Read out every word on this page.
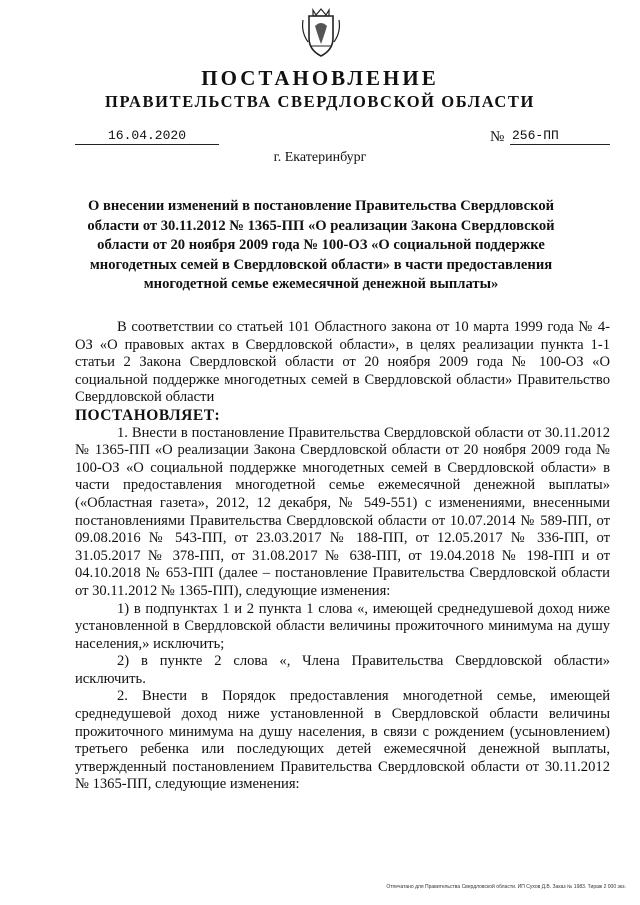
ПОСТАНОВЛЕНИЕ
ПРАВИТЕЛЬСТВА СВЕРДЛОВСКОЙ ОБЛАСТИ
16.04.2020	№ 256-ПП
г. Екатеринбург
О внесении изменений в постановление Правительства Свердловской области от 30.11.2012 № 1365-ПП «О реализации Закона Свердловской области от 20 ноября 2009 года № 100-ОЗ «О социальной поддержке многодетных семей в Свердловской области» в части предоставления многодетной семье ежемесячной денежной выплаты»

В соответствии со статьей 101 Областного закона от 10 марта 1999 года № 4-ОЗ «О правовых актах в Свердловской области», в целях реализации пункта 1-1 статьи 2 Закона Свердловской области от 20 ноября 2009 года № 100-ОЗ «О социальной поддержке многодетных семей в Свердловской области» Правительство Свердловской области

ПОСТАНОВЛЯЕТ:

1. Внести в постановление Правительства Свердловской области от 30.11.2012 № 1365-ПП «О реализации Закона Свердловской области от 20 ноября 2009 года № 100-ОЗ «О социальной поддержке многодетных семей в Свердловской области» в части предоставления многодетной семье ежемесячной денежной выплаты» («Областная газета», 2012, 12 декабря, № 549-551) с изменениями, внесенными постановлениями Правительства Свердловской области от 10.07.2014 № 589-ПП, от 09.08.2016 № 543-ПП, от 23.03.2017 № 188-ПП, от 12.05.2017 № 336-ПП, от 31.05.2017 № 378-ПП, от 31.08.2017 № 638-ПП, от 19.04.2018 № 198-ПП и от 04.10.2018 № 653-ПП (далее – постановление Правительства Свердловской области от 30.11.2012 № 1365-ПП), следующие изменения:

1) в подпунктах 1 и 2 пункта 1 слова «, имеющей среднедушевой доход ниже установленной в Свердловской области величины прожиточного минимума на душу населения,» исключить;

2) в пункте 2 слова «, Члена Правительства Свердловской области» исключить.

2. Внести в Порядок предоставления многодетной семье, имеющей среднедушевой доход ниже установленной в Свердловской области величины прожиточного минимума на душу населения, в связи с рождением (усыновлением) третьего ребенка или последующих детей ежемесячной денежной выплаты, утвержденный постановлением Правительства Свердловской области от 30.11.2012 № 1365-ПП, следующие изменения:

Отпечатано для Правительства Свердловской области. ИП Сухов Д.В. Заказ № 1983. Тираж 2 000 экз.
